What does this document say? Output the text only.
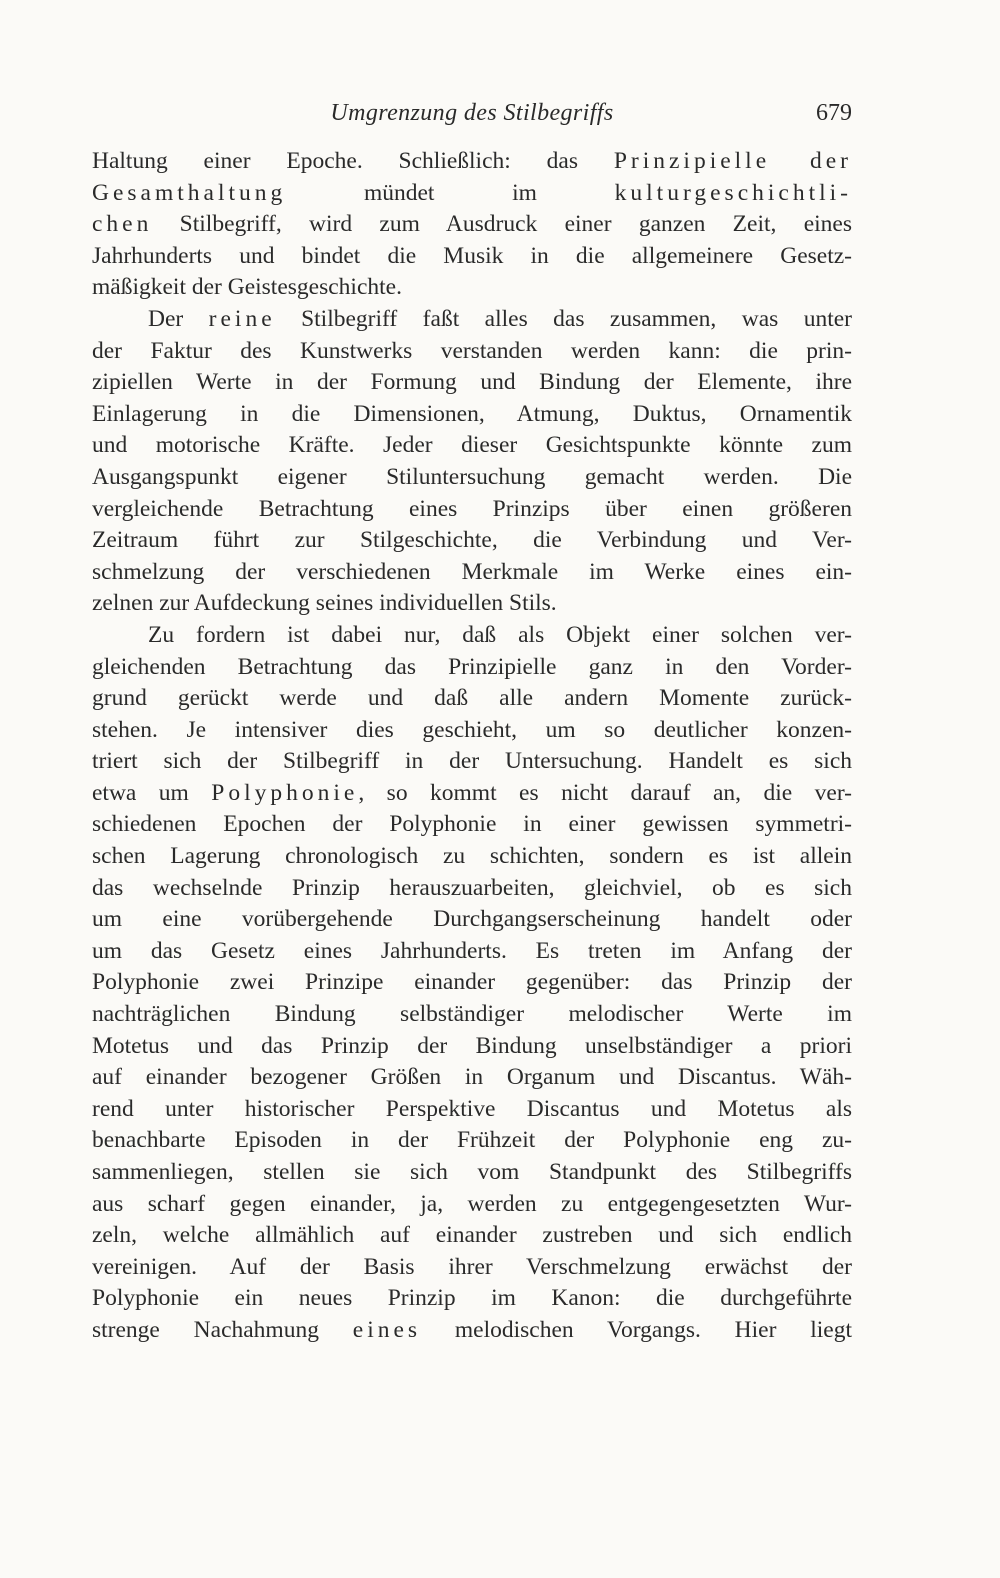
Umgrenzung des Stilbegriffs	679
Haltung einer Epoche. Schließlich: das Prinzipielle der
Gesamthaltung mündet im kulturgeschichtli-
chen Stilbegriff, wird zum Ausdruck einer ganzen Zeit, eines
Jahrhunderts und bindet die Musik in die allgemeinere Gesetz-
mäßigkeit der Geistesgeschichte.
Der reine Stilbegriff faßt alles das zusammen, was unter
der Faktur des Kunstwerks verstanden werden kann: die prin-
zipiellen Werte in der Formung und Bindung der Elemente, ihre
Einlagerung in die Dimensionen, Atmung, Duktus, Ornamentik
und motorische Kräfte. Jeder dieser Gesichtspunkte könnte zum
Ausgangspunkt eigener Stiluntersuchung gemacht werden. Die
vergleichende Betrachtung eines Prinzips über einen größeren
Zeitraum führt zur Stilgeschichte, die Verbindung und Ver-
schmelzung der verschiedenen Merkmale im Werke eines ein-
zelnen zur Aufdeckung seines individuellen Stils.
Zu fordern ist dabei nur, daß als Objekt einer solchen ver-
gleichenden Betrachtung das Prinzipielle ganz in den Vorder-
grund gerückt werde und daß alle andern Momente zurück-
stehen. Je intensiver dies geschieht, um so deutlicher konzen-
triert sich der Stilbegriff in der Untersuchung. Handelt es sich
etwa um Polyphonie, so kommt es nicht darauf an, die ver-
schiedenen Epochen der Polyphonie in einer gewissen symmetri-
schen Lagerung chronologisch zu schichten, sondern es ist allein
das wechselnde Prinzip herauszuarbeiten, gleichviel, ob es sich
um eine vorübergehende Durchgangserscheinung handelt oder
um das Gesetz eines Jahrhunderts. Es treten im Anfang der
Polyphonie zwei Prinzipe einander gegenüber: das Prinzip der
nachträglichen Bindung selbständiger melodischer Werte im
Motetus und das Prinzip der Bindung unselbständiger a priori
auf einander bezogener Größen in Organum und Discantus. Wäh-
rend unter historischer Perspektive Discantus und Motetus als
benachbarte Episoden in der Frühzeit der Polyphonie eng zu-
sammenliegen, stellen sie sich vom Standpunkt des Stilbegriffs
aus scharf gegen einander, ja, werden zu entgegengesetzten Wur-
zeln, welche allmählich auf einander zustreben und sich endlich
vereinigen. Auf der Basis ihrer Verschmelzung erwächst der
Polyphonie ein neues Prinzip im Kanon: die durchgeführte
strenge Nachahmung eines melodischen Vorgangs. Hier liegt
